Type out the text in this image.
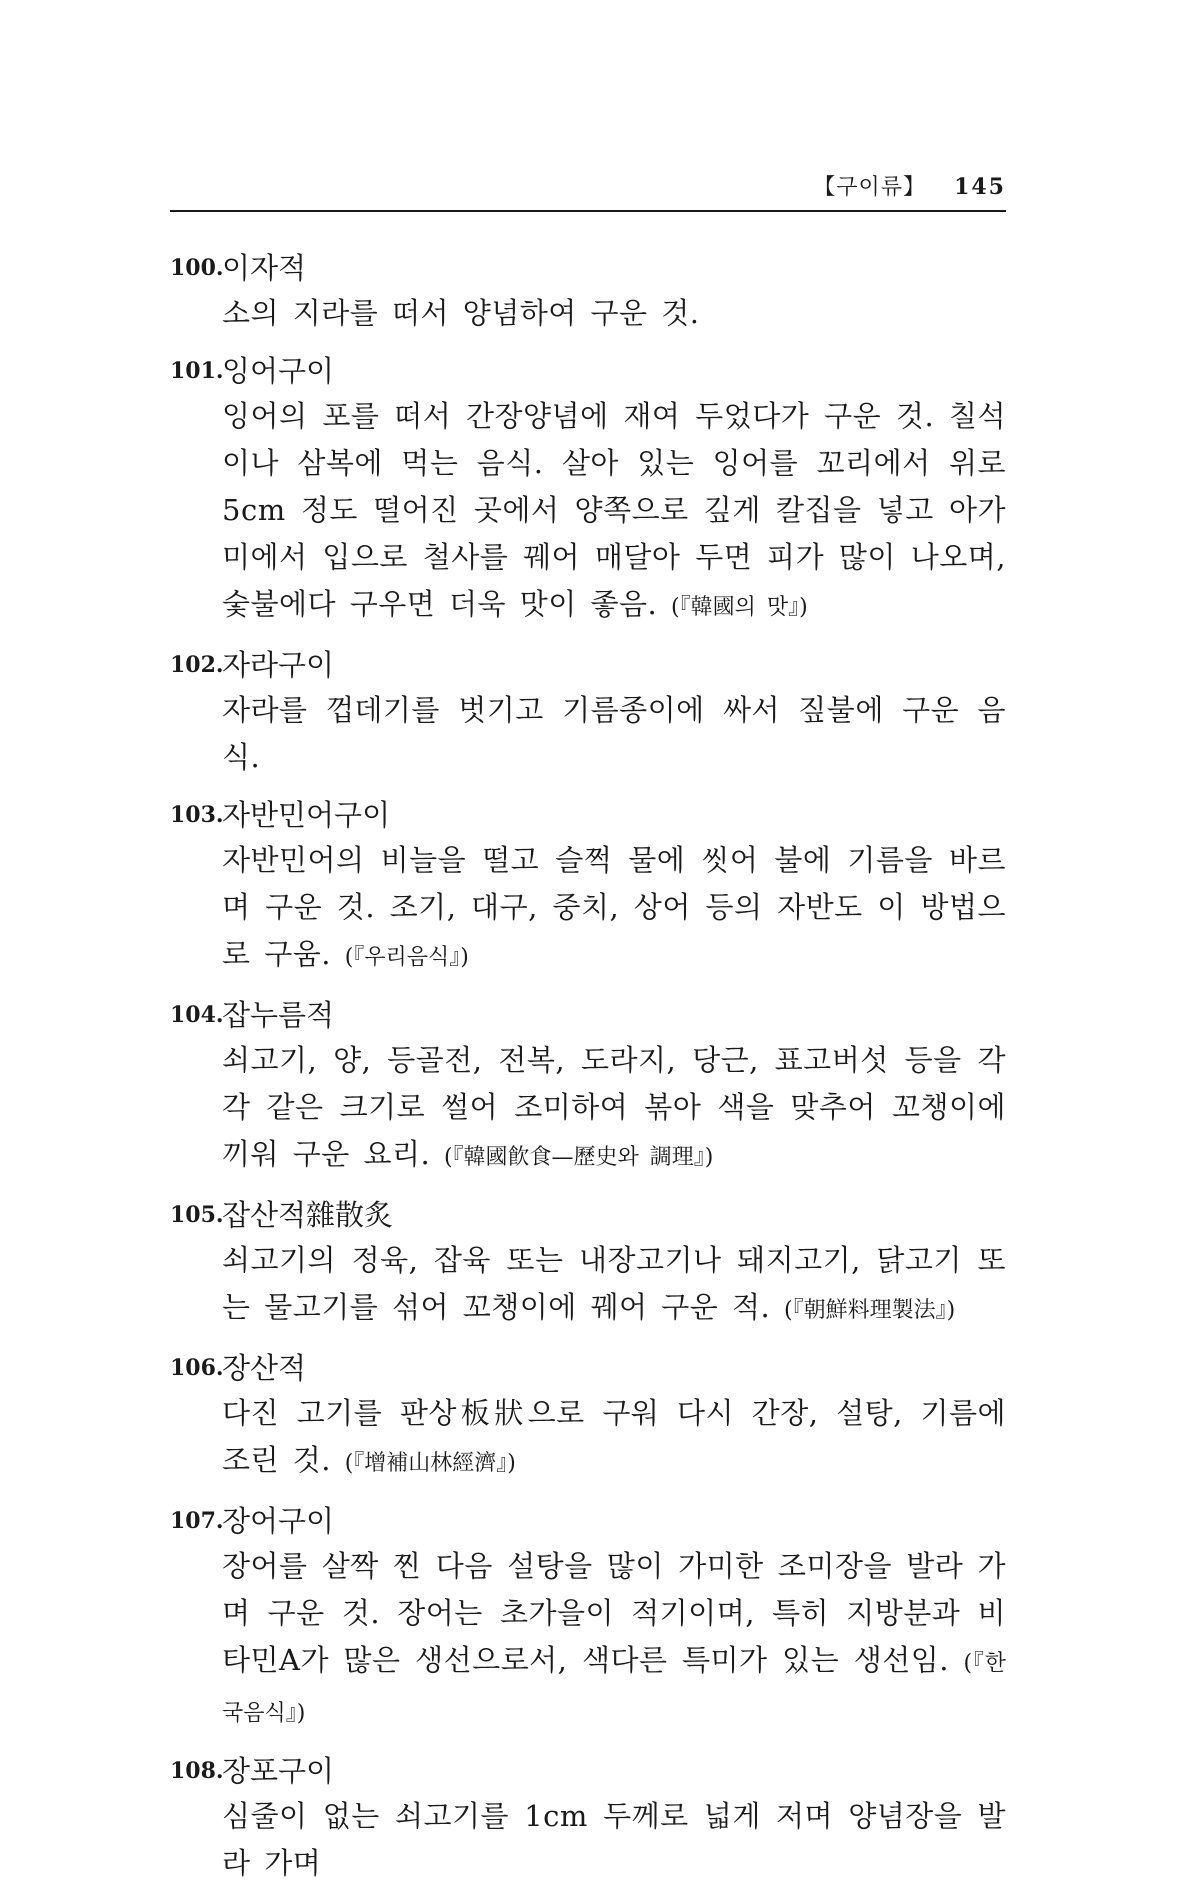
【구이류】 145
100.
이자적

소의 지라를 떠서 양념하여 구운 것.

101.
잉어구이

잉어의 포를 떠서 간장양념에 재여 두었다가 구운 것. 칠석이나 삼복에 먹는 음식. 살아 있는 잉어를 꼬리에서 위로 5cm 정도 떨어진 곳에서 양쪽으로 깊게 칼집을 넣고 아가미에서 입으로 철사를 꿰어 매달아 두면 피가 많이 나오며, 숯불에다 구우면 더욱 맛이 좋음. (『韓國의 맛』)

102.
자라구이

자라를 껍데기를 벗기고 기름종이에 싸서 짚불에 구운 음식.

103.
자반민어구이

자반민어의 비늘을 떨고 슬쩍 물에 씻어 불에 기름을 바르며 구운 것. 조기, 대구, 중치, 상어 등의 자반도 이 방법으로 구움. (『우리음식』)

104.
잡누름적

쇠고기, 양, 등골전, 전복, 도라지, 당근, 표고버섯 등을 각각 같은 크기로 썰어 조미하여 볶아 색을 맞추어 꼬챙이에 끼워 구운 요리. (『韓國飮食—歷史와 調理』)

105.
잡산적雜散炙

쇠고기의 정육, 잡육 또는 내장고기나 돼지고기, 닭고기 또는 물고기를 섞어 꼬챙이에 꿰어 구운 적. (『朝鮮料理製法』)

106.
장산적

다진 고기를 판상板狀으로 구워 다시 간장, 설탕, 기름에 조린 것. (『增補山林經濟』)

107.
장어구이

장어를 살짝 찐 다음 설탕을 많이 가미한 조미장을 발라 가며 구운 것. 장어는 초가을이 적기이며, 특히 지방분과 비타민A가 많은 생선으로서, 색다른 특미가 있는 생선임. (『한국음식』)

108.
장포구이

심줄이 없는 쇠고기를 1cm 두께로 넓게 저며 양념장을 발라 가며
